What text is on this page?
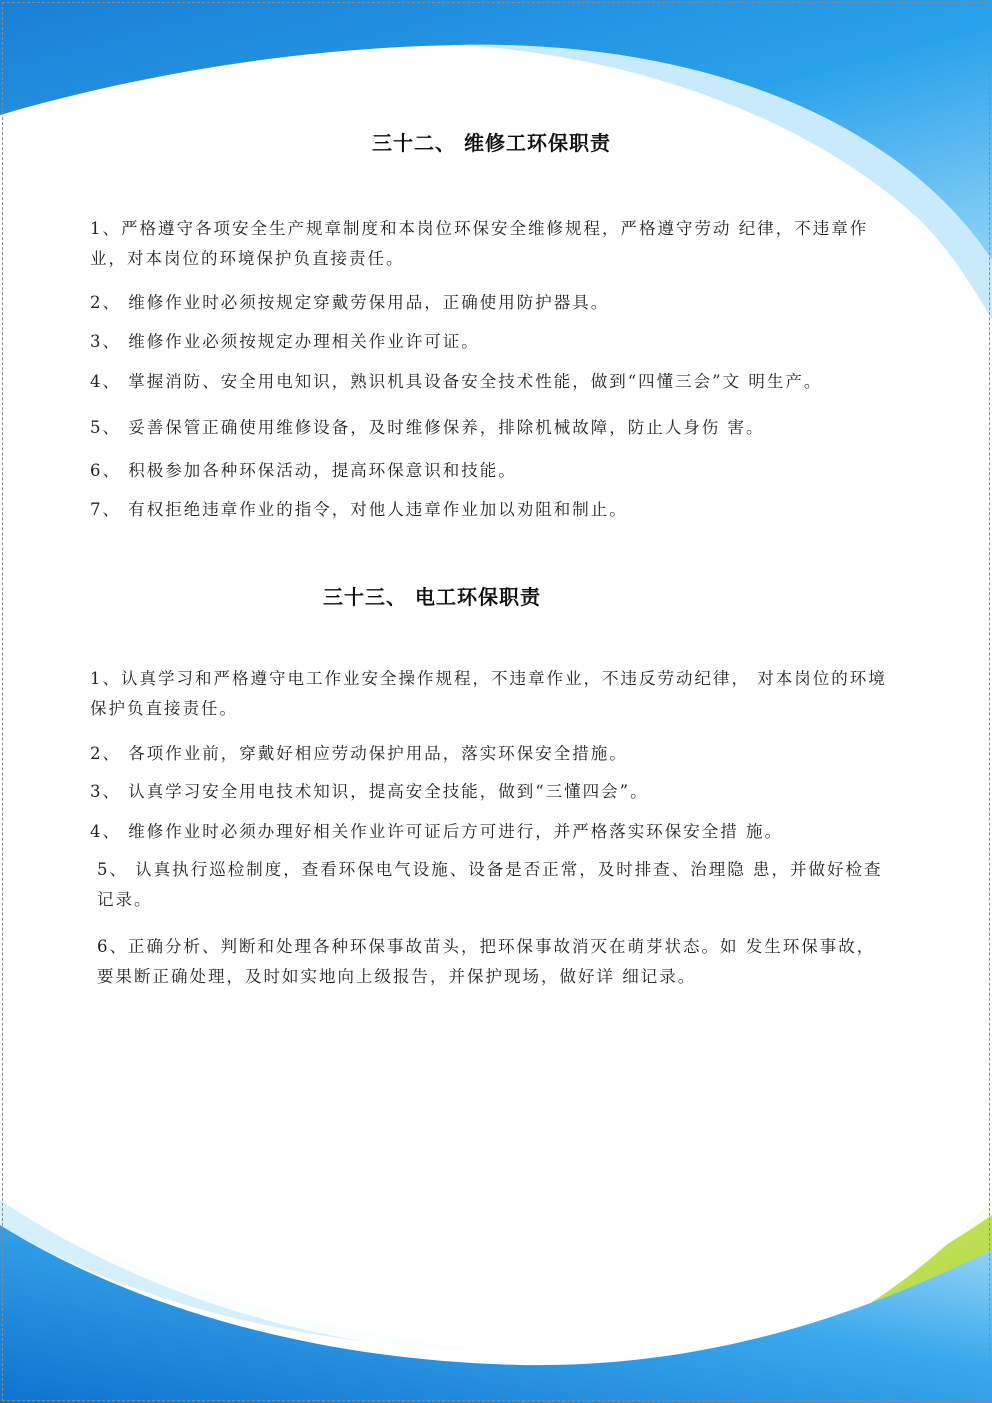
三十二、 维修工环保职责
1、严格遵守各项安全生产规章制度和本岗位环保安全维修规程，严格遵守劳动 纪律，不违章作业，对本岗位的环境保护负直接责任。
2、 维修作业时必须按规定穿戴劳保用品，正确使用防护器具。
3、 维修作业必须按规定办理相关作业许可证。
4、 掌握消防、安全用电知识，熟识机具设备安全技术性能，做到“四懂三会”文 明生产。
5、 妥善保管正确使用维修设备，及时维修保养，排除机械故障，防止人身伤 害。
6、 积极参加各种环保活动，提高环保意识和技能。
7、 有权拒绝违章作业的指令，对他人违章作业加以劝阻和制止。
三十三、 电工环保职责
1、认真学习和严格遵守电工作业安全操作规程，不违章作业，不违反劳动纪律， 对本岗位的环境保护负直接责任。
2、 各项作业前，穿戴好相应劳动保护用品，落实环保安全措施。
3、 认真学习安全用电技术知识，提高安全技能，做到“三懂四会”。
4、 维修作业时必须办理好相关作业许可证后方可进行，并严格落实环保安全措 施。
5、 认真执行巡检制度，查看环保电气设施、设备是否正常，及时排查、治理隐 患，并做好检查记录。
6、正确分析、判断和处理各种环保事故苗头，把环保事故消灭在萌芽状态。如 发生环保事故，要果断正确处理，及时如实地向上级报告，并保护现场，做好详 细记录。
